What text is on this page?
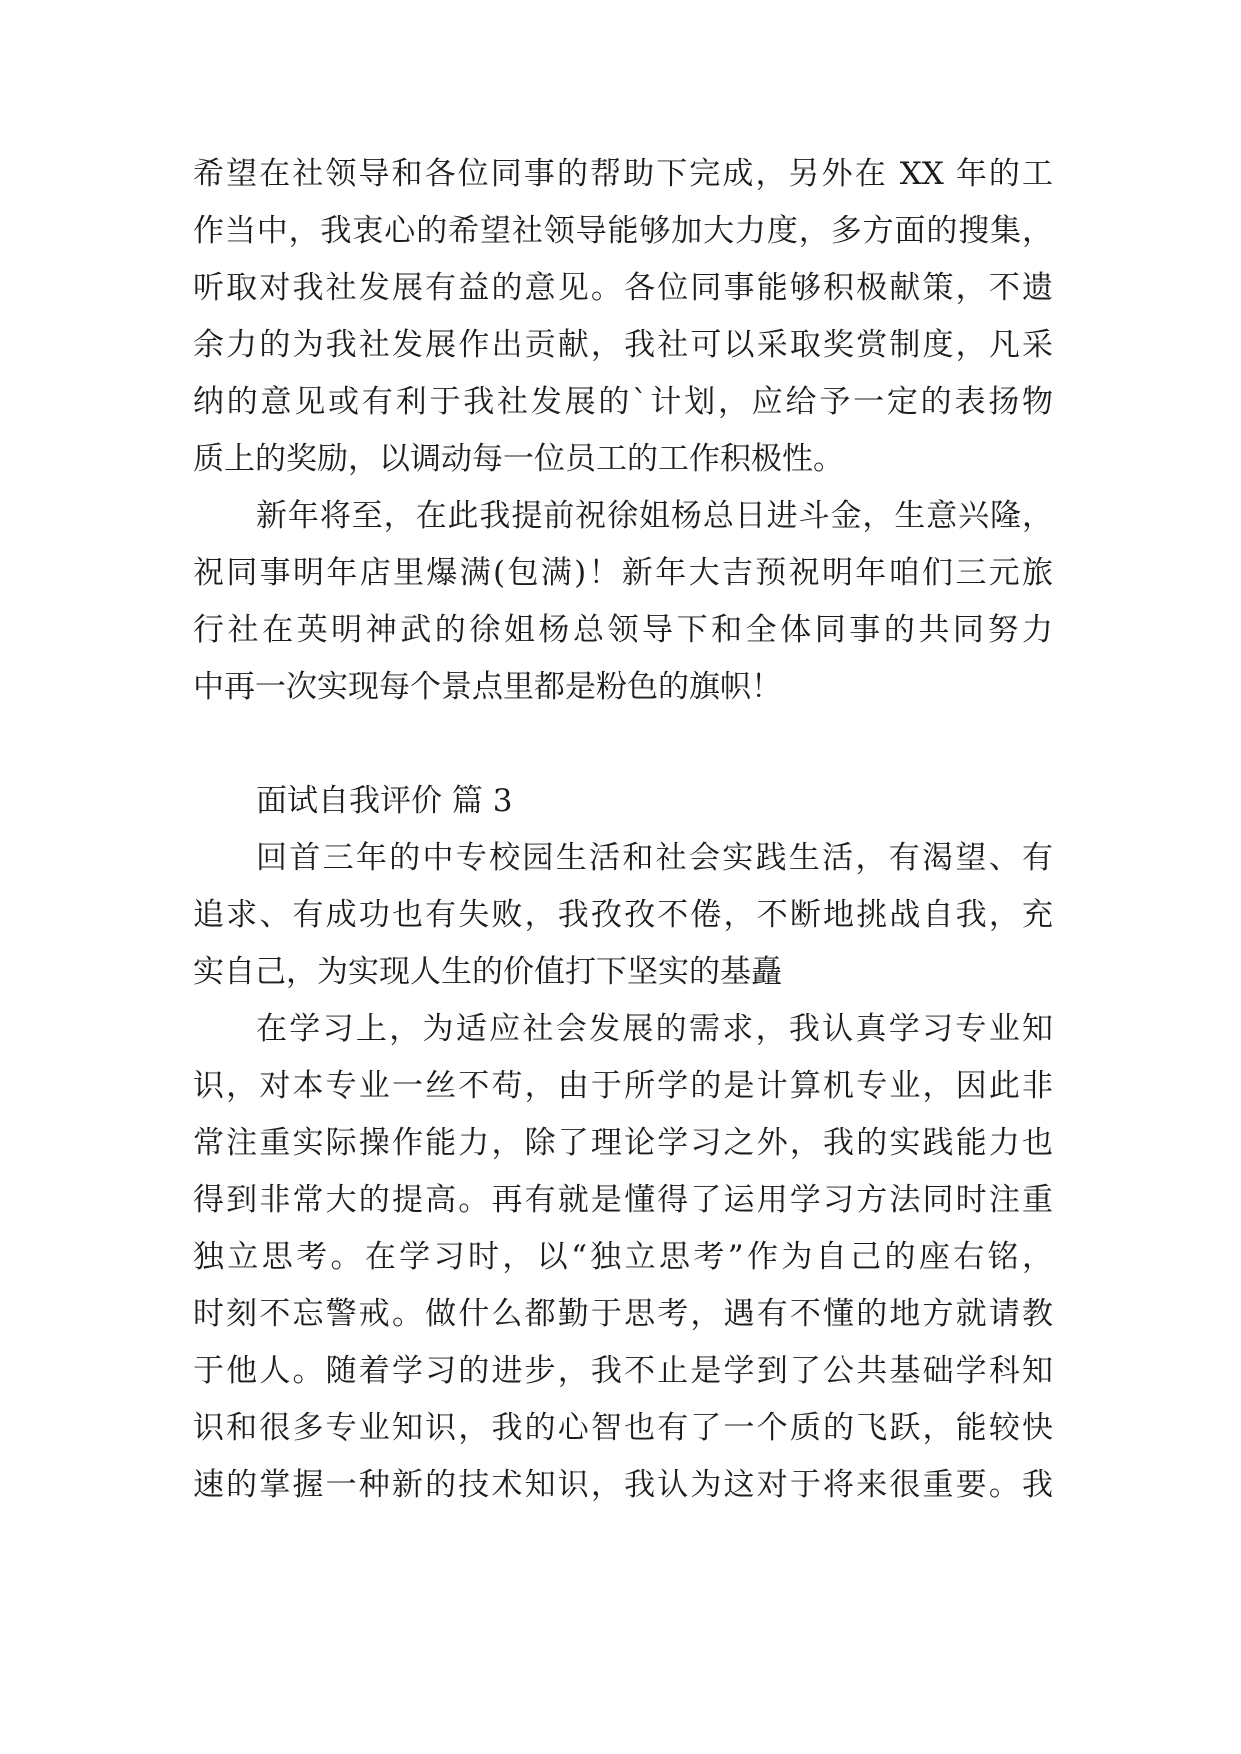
希望在社领导和各位同事的帮助下完成，另外在 XX 年的工
作当中，我衷心的希望社领导能够加大力度，多方面的搜集，
听取对我社发展有益的意见。各位同事能够积极献策，不遗
余力的为我社发展作出贡献，我社可以采取奖赏制度，凡采
纳的意见或有利于我社发展的`计划，应给予一定的表扬物
质上的奖励，以调动每一位员工的工作积极性。
新年将至，在此我提前祝徐姐杨总日进斗金，生意兴隆，
祝同事明年店里爆满(包满)！新年大吉预祝明年咱们三元旅
行社在英明神武的徐姐杨总领导下和全体同事的共同努力
中再一次实现每个景点里都是粉色的旗帜！
面试自我评价 篇 3
回首三年的中专校园生活和社会实践生活，有渴望、有
追求、有成功也有失败，我孜孜不倦，不断地挑战自我，充
实自己，为实现人生的价值打下坚实的基矗
在学习上，为适应社会发展的需求，我认真学习专业知
识，对本专业一丝不苟，由于所学的是计算机专业，因此非
常注重实际操作能力，除了理论学习之外，我的实践能力也
得到非常大的提高。再有就是懂得了运用学习方法同时注重
独立思考。在学习时，以“独立思考”作为自己的座右铭，
时刻不忘警戒。做什么都勤于思考，遇有不懂的地方就请教
于他人。随着学习的进步，我不止是学到了公共基础学科知
识和很多专业知识，我的心智也有了一个质的飞跃，能较快
速的掌握一种新的技术知识，我认为这对于将来很重要。我
